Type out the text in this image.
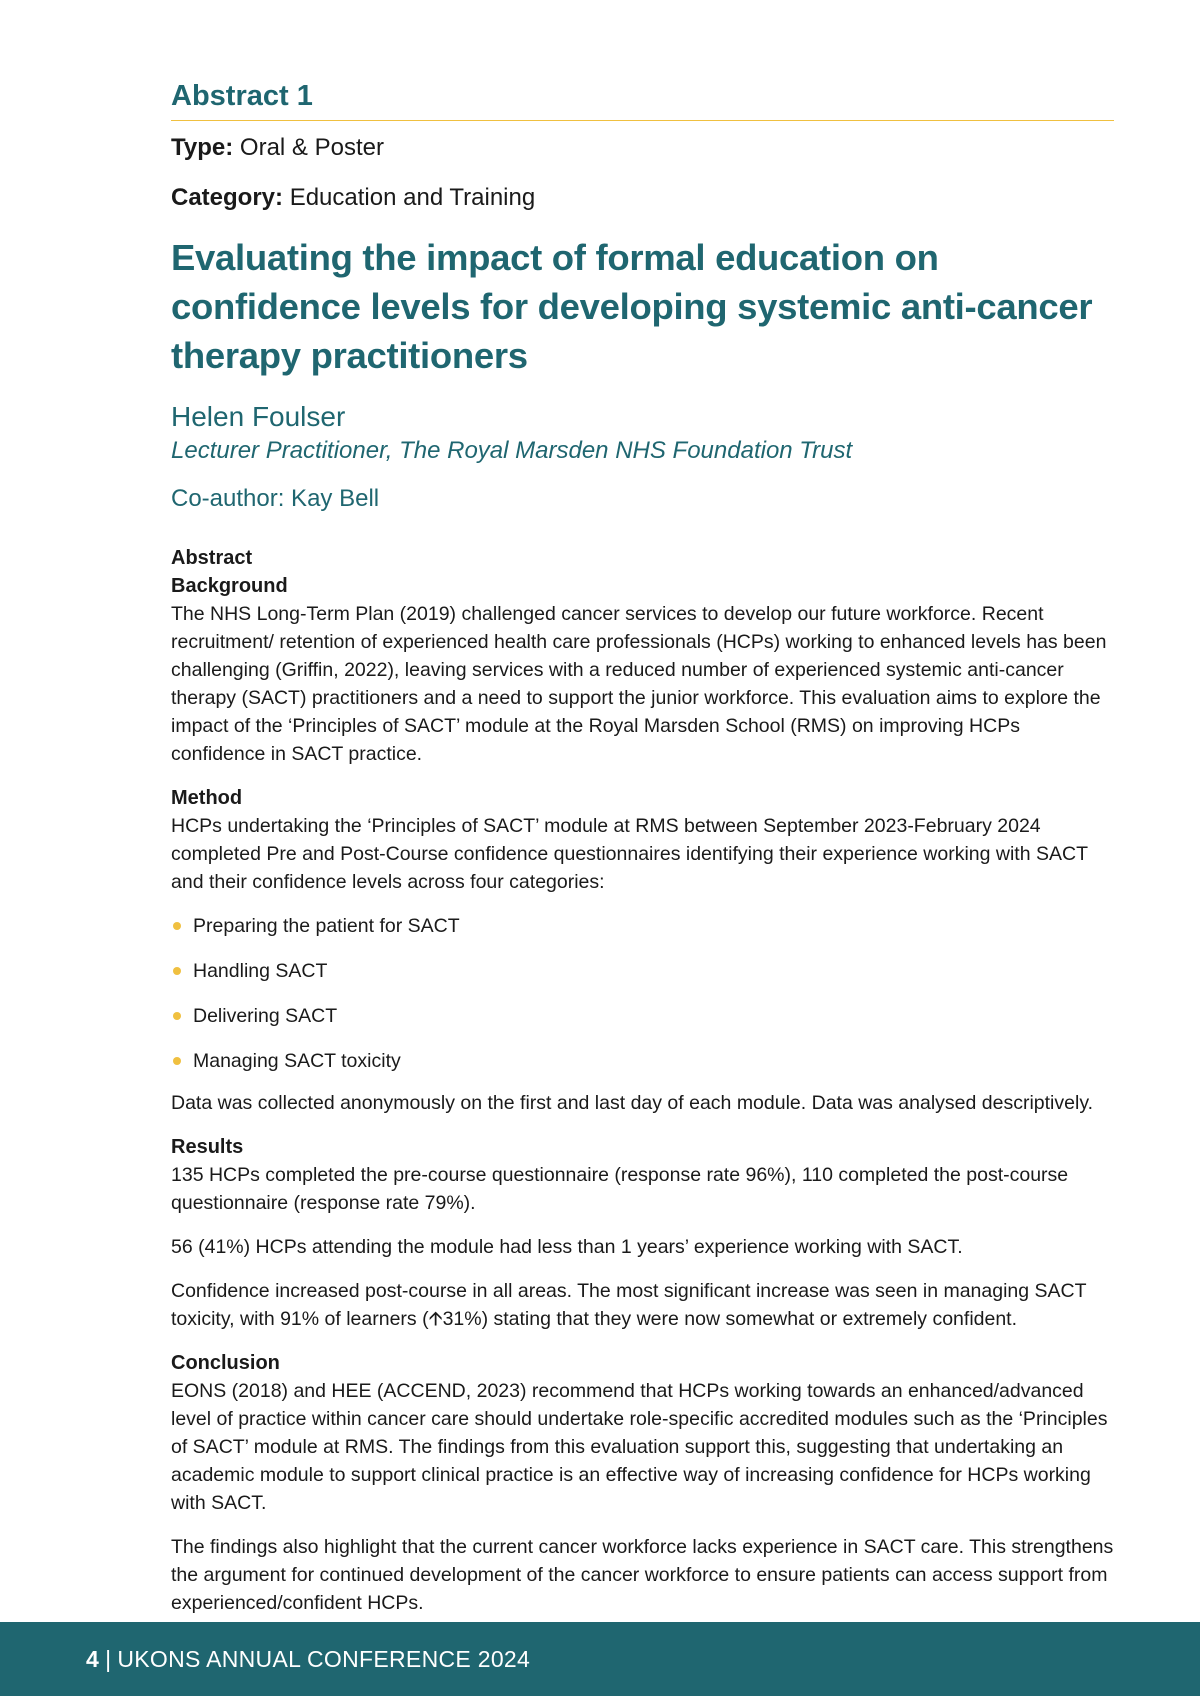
Abstract 1

Type: Oral & Poster

Category: Education and Training

Evaluating the impact of formal education on confidence levels for developing systemic anti-cancer therapy practitioners

Helen Foulser

Lecturer Practitioner, The Royal Marsden NHS Foundation Trust

Co-author: Kay Bell

Abstract
Background

The NHS Long-Term Plan (2019) challenged cancer services to develop our future workforce. Recent recruitment/ retention of experienced health care professionals (HCPs) working to enhanced levels has been challenging (Griffin, 2022), leaving services with a reduced number of experienced systemic anti-cancer therapy (SACT) practitioners and a need to support the junior workforce. This evaluation aims to explore the impact of the ‘Principles of SACT’ module at the Royal Marsden School (RMS) on improving HCPs confidence in SACT practice.

Method

HCPs undertaking the ‘Principles of SACT’ module at RMS between September 2023-February 2024 completed Pre and Post-Course confidence questionnaires identifying their experience working with SACT and their confidence levels across four categories:

Preparing the patient for SACT
Handling SACT
Delivering SACT
Managing SACT toxicity

Data was collected anonymously on the first and last day of each module. Data was analysed descriptively.

Results

135 HCPs completed the pre-course questionnaire (response rate 96%), 110 completed the post-course questionnaire (response rate 79%).

56 (41%) HCPs attending the module had less than 1 years’ experience working with SACT.

Confidence increased post-course in all areas. The most significant increase was seen in managing SACT toxicity, with 91% of learners (🡩31%) stating that they were now somewhat or extremely confident.

Conclusion

EONS (2018) and HEE (ACCEND, 2023) recommend that HCPs working towards an enhanced/advanced level of practice within cancer care should undertake role-specific accredited modules such as the ‘Principles of SACT’ module at RMS. The findings from this evaluation support this, suggesting that undertaking an academic module to support clinical practice is an effective way of increasing confidence for HCPs working with SACT.

The findings also highlight that the current cancer workforce lacks experience in SACT care. This strengthens the argument for continued development of the cancer workforce to ensure patients can access support from experienced/confident HCPs.

4 | UKONS ANNUAL CONFERENCE 2024
